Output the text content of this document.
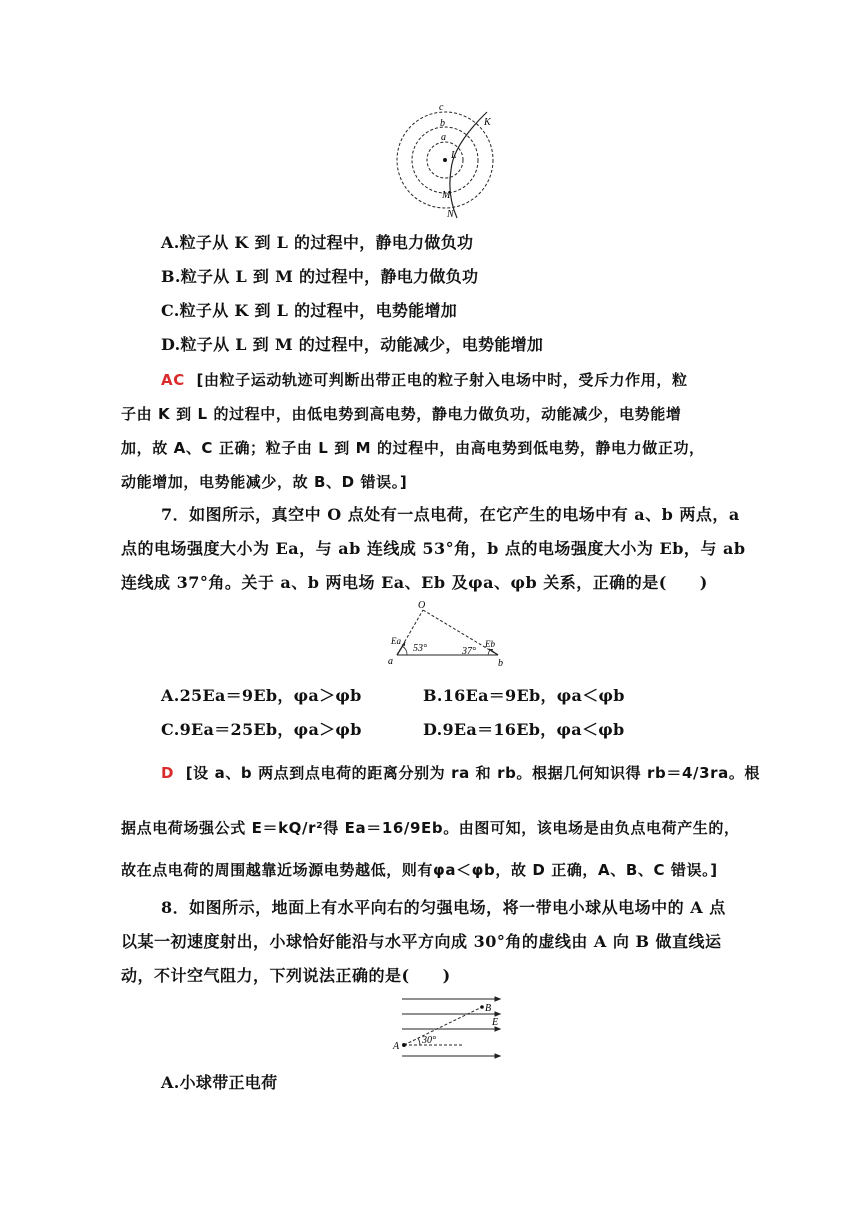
c
b
a
K
L
M
N
A.粒子从 K 到 L 的过程中，静电力做负功
B.粒子从 L 到 M 的过程中，静电力做负功
C.粒子从 K 到 L 的过程中，电势能增加
D.粒子从 L 到 M 的过程中，动能减少，电势能增加
AC [由粒子运动轨迹可判断出带正电的粒子射入电场中时，受斥力作用，粒
子由 K 到 L 的过程中，由低电势到高电势，静电力做负功，动能减少，电势能增
加，故 A、C 正确；粒子由 L 到 M 的过程中，由高电势到低电势，静电力做正功，
动能增加，电势能减少，故 B、D 错误。]
7．如图所示，真空中 O 点处有一点电荷，在它产生的电场中有 a、b 两点，a
点的电场强度大小为 Ea，与 ab 连线成 53°角，b 点的电场强度大小为 Eb，与 ab
连线成 37°角。关于 a、b 两电场 Ea、Eb 及φa、φb 关系，正确的是(　　)
O
a	b
Ea	Eb
53°	37°
A.25Ea＝9Eb，φa＞φb	B.16Ea＝9Eb，φa＜φb
C.9Ea＝25Eb，φa＞φb	D.9Ea＝16Eb，φa＜φb
D [设 a、b 两点到点电荷的距离分别为 ra 和 rb。根据几何知识得 rb＝4/3ra。根
据点电荷场强公式 E＝kQ/r²得 Ea＝16/9Eb。由图可知，该电场是由负点电荷产生的，
故在点电荷的周围越靠近场源电势越低，则有φa＜φb，故 D 正确，A、B、C 错误。]
8．如图所示，地面上有水平向右的匀强电场，将一带电小球从电场中的 A 点
以某一初速度射出，小球恰好能沿与水平方向成 30°角的虚线由 A 向 B 做直线运
动，不计空气阻力，下列说法正确的是(　　)
A
B
E
30°
A.小球带正电荷
